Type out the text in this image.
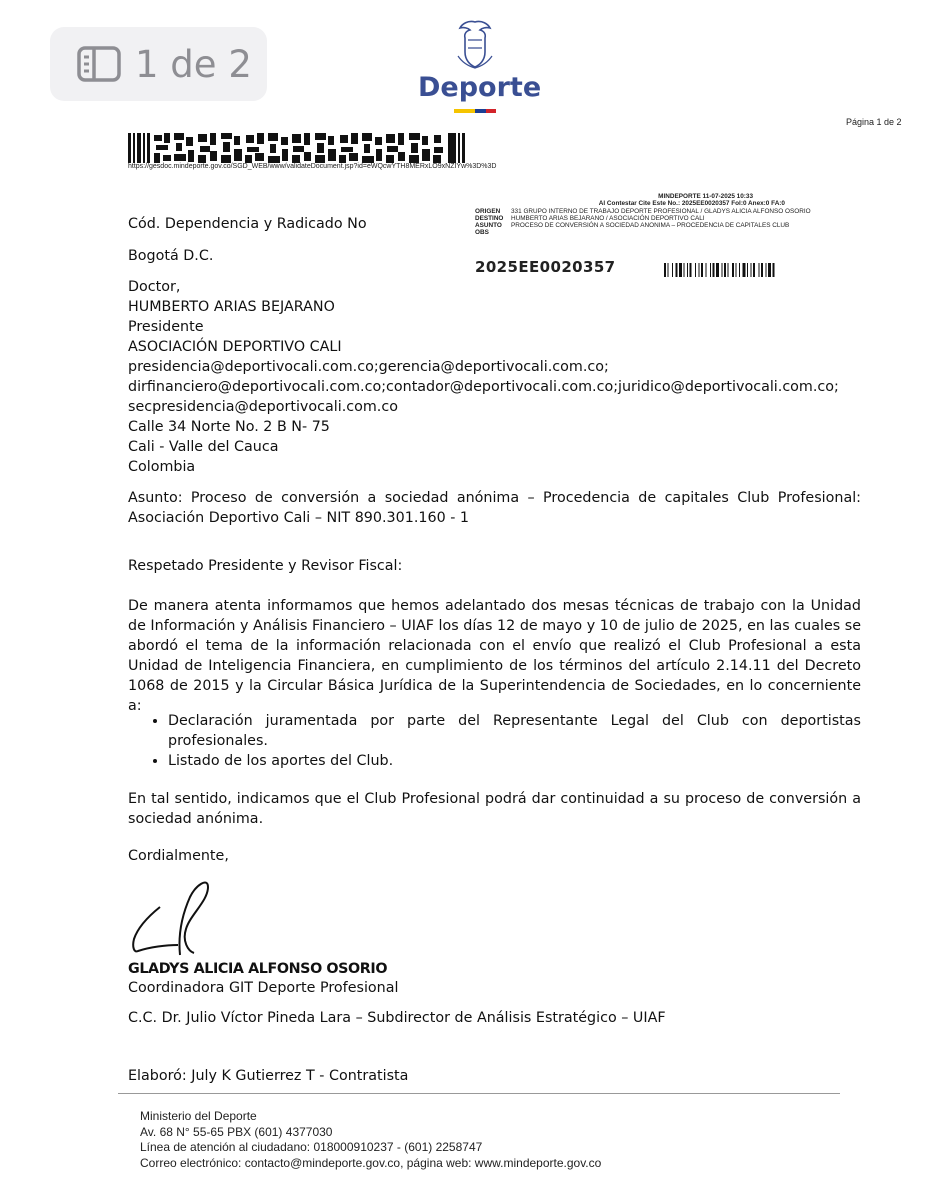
1 de 2
Deporte
Página 1 de 2
https://gesdoc.mindeporte.gov.co/SGD_WEB/www/validateDocument.jsp?id=eWQcwYTH8MERxLO9xNZIYw%3D%3D
MINDEPORTE 11-07-2025 10:33
Al Contestar Cite Este No.: 2025EE0020357 Fol:0 Anex:0 FA:0
ORIGEN	331 GRUPO INTERNO DE TRABAJO DEPORTE PROFESIONAL / GLADYS ALICIA ALFONSO OSORIO
DESTINO	HUMBERTO ARIAS BEJARANO / ASOCIACIÓN DEPORTIVO CALI
ASUNTO	PROCESO DE CONVERSIÓN A SOCIEDAD ANONIMA – PROCEDENCIA DE CAPITALES CLUB
OBS
2025EE0020357
Cód. Dependencia y Radicado No
Bogotá D.C.
Doctor,
HUMBERTO ARIAS BEJARANO
Presidente
ASOCIACIÓN DEPORTIVO CALI
presidencia@deportivocali.com.co;gerencia@deportivocali.com.co;
dirfinanciero@deportivocali.com.co;contador@deportivocali.com.co;juridico@deportivocali.com.co;
secpresidencia@deportivocali.com.co
Calle 34 Norte No. 2 B N- 75
Cali - Valle del Cauca
Colombia
Asunto: Proceso de conversión a sociedad anónima – Procedencia de capitales Club Profesional: Asociación Deportivo Cali – NIT 890.301.160 - 1
Respetado Presidente y Revisor Fiscal:
De manera atenta informamos que hemos adelantado dos mesas técnicas de trabajo con la Unidad de Información y Análisis Financiero – UIAF los días 12 de mayo y 10 de julio de 2025, en las cuales se abordó el tema de la información relacionada con el envío que realizó el Club Profesional a esta Unidad de Inteligencia Financiera, en cumplimiento de los términos del artículo 2.14.11 del Decreto 1068 de 2015 y la Circular Básica Jurídica de la Superintendencia de Sociedades, en lo concerniente a:
• Declaración juramentada por parte del Representante Legal del Club con deportistas profesionales.
• Listado de los aportes del Club.
En tal sentido, indicamos que el Club Profesional podrá dar continuidad a su proceso de conversión a sociedad anónima.
Cordialmente,
GLADYS ALICIA ALFONSO OSORIO
Coordinadora GIT Deporte Profesional
C.C. Dr. Julio Víctor Pineda Lara – Subdirector de Análisis Estratégico – UIAF
Elaboró: July K Gutierrez T - Contratista
Ministerio del Deporte
Av. 68 N° 55-65 PBX (601) 4377030
Línea de atención al ciudadano: 018000910237 - (601) 2258747
Correo electrónico: contacto@mindeporte.gov.co, página web: www.mindeporte.gov.co
